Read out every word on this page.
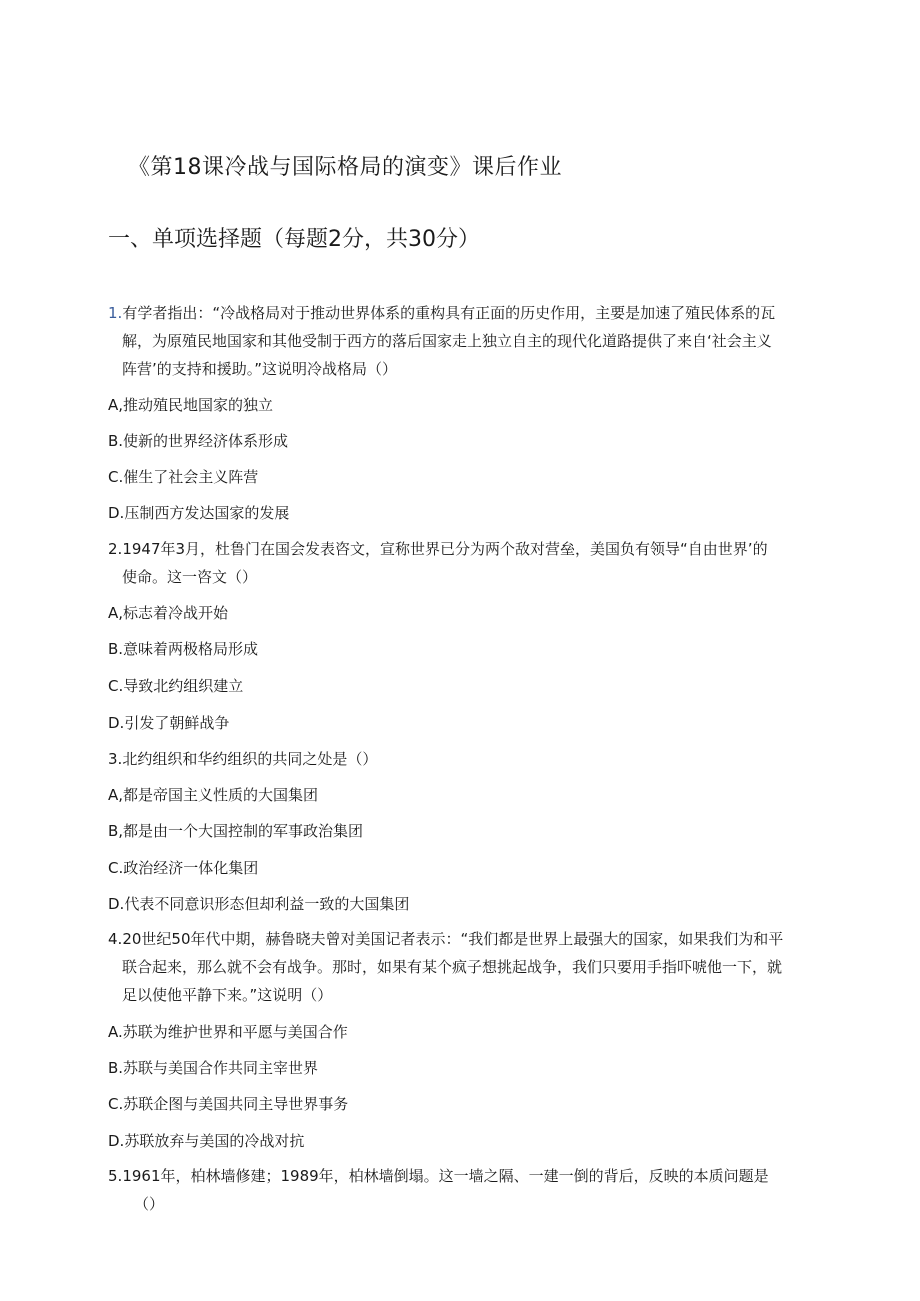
《第18课冷战与国际格局的演变》课后作业
一、单项选择题（每题2分，共30分）
1.有学者指出：“冷战格局对于推动世界体系的重构具有正面的历史作用，主要是加速了殖民体系的瓦
解，为原殖民地国家和其他受制于西方的落后国家走上独立自主的现代化道路提供了来自‘社会主义
阵营’的支持和援助。”这说明冷战格局（）
A,推动殖民地国家的独立
B.使新的世界经济体系形成
C.催生了社会主义阵营
D.压制西方发达国家的发展
2.1947年3月，杜鲁门在国会发表咨文，宣称世界已分为两个敌对营垒，美国负有领导“自由世界’的
使命。这一咨文（）
A,标志着冷战开始
B.意味着两极格局形成
C.导致北约组织建立
D.引发了朝鲜战争
3.北约组织和华约组织的共同之处是（）
A,都是帝国主义性质的大国集团
B,都是由一个大国控制的军事政治集团
C.政治经济一体化集团
D.代表不同意识形态但却利益一致的大国集团
4.20世纪50年代中期，赫鲁晓夫曾对美国记者表示：“我们都是世界上最强大的国家，如果我们为和平
联合起来，那么就不会有战争。那时，如果有某个疯子想挑起战争，我们只要用手指吓唬他一下，就
足以使他平静下来。”这说明（）
A.苏联为维护世界和平愿与美国合作
B.苏联与美国合作共同主宰世界
C.苏联企图与美国共同主导世界事务
D.苏联放弃与美国的冷战对抗
5.1961年，柏林墙修建；1989年，柏林墙倒塌。这一墙之隔、一建一倒的背后，反映的本质问题是
（）
